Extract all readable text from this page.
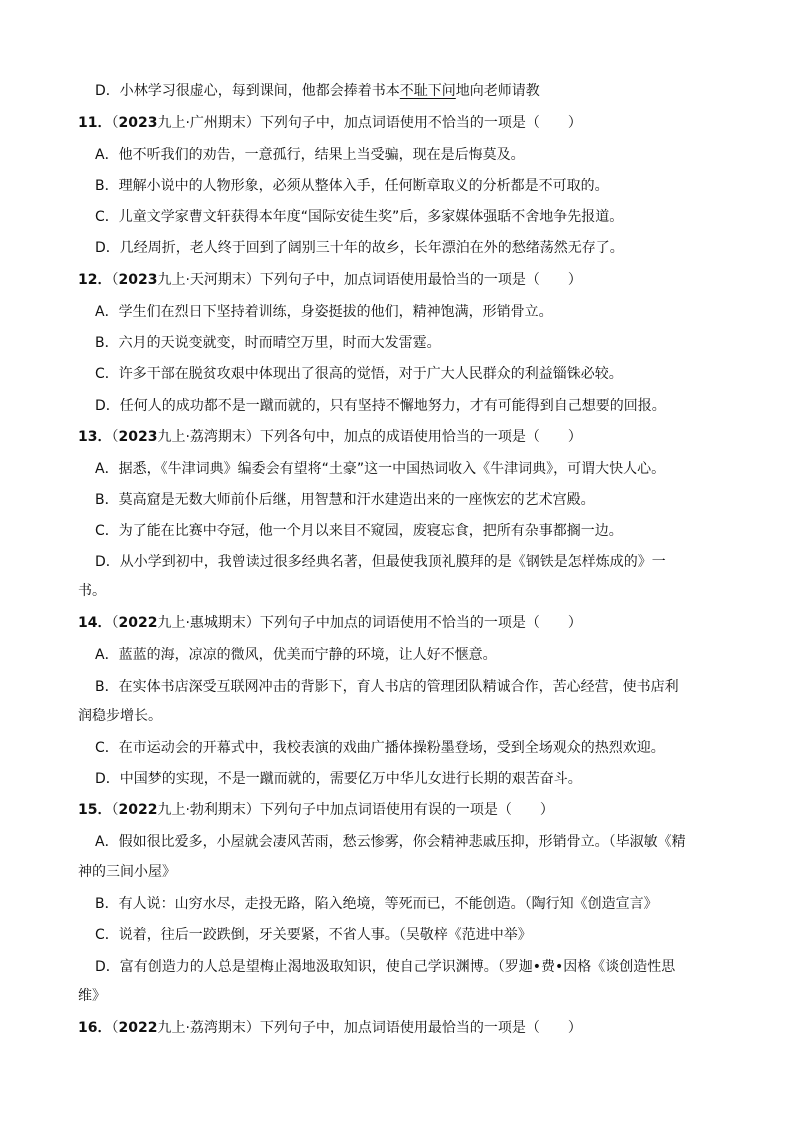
D．小林学习很虚心，每到课间，他都会捧着书本不耻下问地向老师请教
11．（2023九上·广州期末）下列句子中，加点词语使用不恰当的一项是（　　）
A．他不听我们的劝告，一意孤行，结果上当受骗，现在是后悔莫及。
B．理解小说中的人物形象，必须从整体入手，任何断章取义的分析都是不可取的。
C．儿童文学家曹文轩获得本年度“国际安徒生奖”后，多家媒体强聒不舍地争先报道。
D．几经周折，老人终于回到了阔别三十年的故乡，长年漂泊在外的愁绪荡然无存了。
12．（2023九上·天河期末）下列句子中，加点词语使用最恰当的一项是（　　）
A．学生们在烈日下坚持着训练，身姿挺拔的他们，精神饱满，形销骨立。
B．六月的天说变就变，时而晴空万里，时而大发雷霆。
C．许多干部在脱贫攻艰中体现出了很高的觉悟，对于广大人民群众的利益锱铢必较。
D．任何人的成功都不是一蹴而就的，只有坚持不懈地努力，才有可能得到自己想要的回报。
13．（2023九上·荔湾期末）下列各句中，加点的成语使用恰当的一项是（　　）
A．据悉，《牛津词典》编委会有望将“土豪”这一中国热词收入《牛津词典》，可谓大快人心。
B．莫高窟是无数大师前仆后继，用智慧和汗水建造出来的一座恢宏的艺术宫殿。
C．为了能在比赛中夺冠，他一个月以来目不窥园，废寝忘食，把所有杂事都搁一边。
D．从小学到初中，我曾读过很多经典名著，但最使我顶礼膜拜的是《钢铁是怎样炼成的》一
书。
14．（2022九上·惠城期末）下列句子中加点的词语使用不恰当的一项是（　　）
A．蓝蓝的海，凉凉的微风，优美而宁静的环境，让人好不惬意。
B．在实体书店深受互联网冲击的背影下，育人书店的管理团队精诚合作，苦心经营，使书店利
润稳步增长。
C．在市运动会的开幕式中，我校表演的戏曲广播体操粉墨登场，受到全场观众的热烈欢迎。
D．中国梦的实现，不是一蹴而就的，需要亿万中华儿女进行长期的艰苦奋斗。
15．（2022九上·勃利期末）下列句子中加点词语使用有误的一项是（　　）
A．假如很比爱多，小屋就会凄风苦雨，愁云惨雾，你会精神悲戚压抑，形销骨立。（毕淑敏《精
神的三间小屋》
B．有人说：山穷水尽，走投无路，陷入绝境，等死而已，不能创造。（陶行知《创造宣言》
C．说着，往后一跤跌倒，牙关要紧，不省人事。（吴敬梓《范进中举》
D．富有创造力的人总是望梅止渴地汲取知识，使自己学识渊博。（罗迦•费•因格《谈创造性思
维》
16．（2022九上·荔湾期末）下列句子中，加点词语使用最恰当的一项是（　　）
